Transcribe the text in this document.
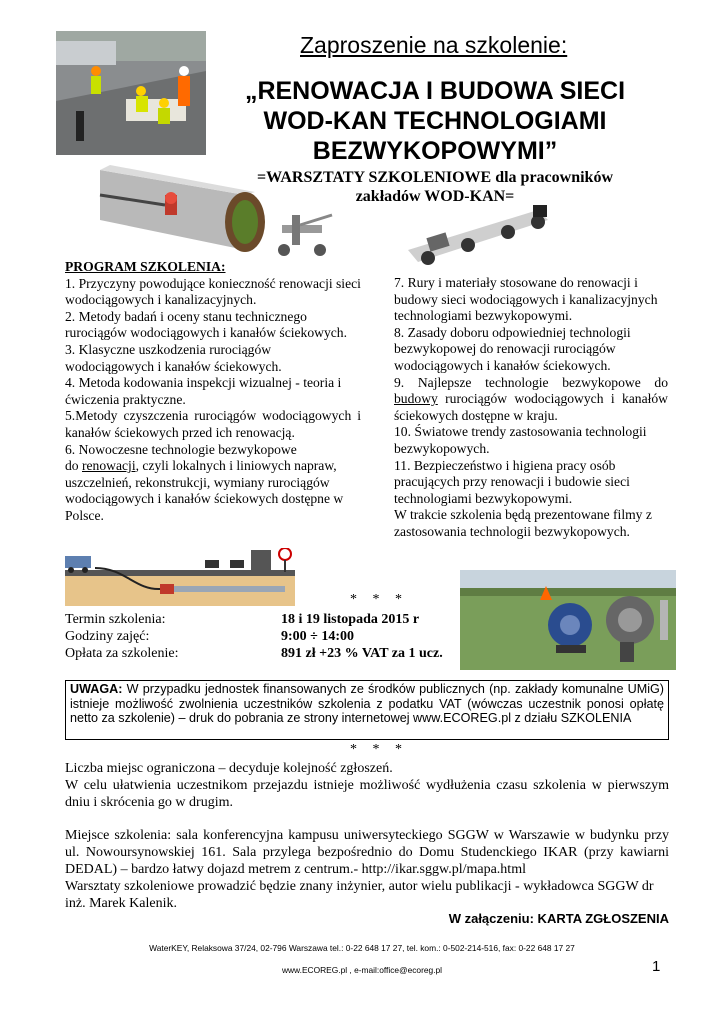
Zaproszenie na szkolenie:
„RENOWACJA I BUDOWA SIECI
WOD-KAN TECHNOLOGIAMI
BEZWYKOPOWYMI”
=WARSZTATY SZKOLENIOWE dla pracowników
zakładów WOD-KAN=

PROGRAM SZKOLENIA:

1. Przyczyny powodujące konieczność renowacji sieci wodociągowych i kanalizacyjnych.

2. Metody badań i oceny stanu technicznego rurociągów wodociągowych i kanałów ściekowych.

3. Klasyczne uszkodzenia rurociągów wodociągowych i kanałów ściekowych.

4. Metoda kodowania inspekcji wizualnej - teoria i ćwiczenia praktyczne.

5.Metody czyszczenia rurociągów wodociągowych i kanałów ściekowych przed ich renowacją.

6. Nowoczesne technologie bezwykopowe

do renowacji, czyli lokalnych i liniowych napraw, uszczelnień, rekonstrukcji, wymiany rurociągów wodociągowych i kanałów ściekowych dostępne w Polsce.

7. Rury i materiały stosowane do renowacji i budowy sieci wodociągowych i kanalizacyjnych technologiami bezwykopowymi.

8. Zasady doboru odpowiedniej technologii bezwykopowej do renowacji rurociągów wodociągowych i kanałów ściekowych.

9. Najlepsze technologie bezwykopowe do budowy rurociągów wodociągowych i kanałów ściekowych dostępne w kraju.

10. Światowe trendy zastosowania technologii bezwykopowych.

11. Bezpieczeństwo i higiena pracy osób pracujących przy renowacji i budowie sieci technologiami bezwykopowymi.

W trakcie szkolenia będą prezentowane filmy z zastosowania technologii bezwykopowych.

* * *
Termin szkolenia:	18 i 19 listopada 2015 r
Godziny zajęć:	9:00 ÷ 14:00
Opłata za szkolenie:	891 zł +23 % VAT za 1 ucz.
UWAGA: W przypadku jednostek finansowanych ze środków publicznych (np. zakłady komunalne UMiG) istnieje możliwość zwolnienia uczestników szkolenia z podatku VAT (wówczas uczestnik ponosi opłatę netto za szkolenie) – druk do pobrania ze strony internetowej www.ECOREG.pl z działu SZKOLENIA
* * *

Liczba miejsc ograniczona – decyduje kolejność zgłoszeń.

W celu ułatwienia uczestnikom przejazdu istnieje możliwość wydłużenia czasu szkolenia w pierwszym dniu i skrócenia go w drugim.

Miejsce szkolenia: sala konferencyjna kampusu uniwersyteckiego SGGW w Warszawie w budynku przy ul. Nowoursynowskiej 161. Sala przylega bezpośrednio do Domu Studenckiego IKAR (przy kawiarni DEDAL) – bardzo łatwy dojazd metrem z centrum.- http://ikar.sggw.pl/mapa.html

Warsztaty szkoleniowe prowadzić będzie znany inżynier, autor wielu publikacji - wykładowca SGGW dr inż. Marek Kalenik.

W załączeniu: KARTA ZGŁOSZENIA
WaterKEY, Relaksowa 37/24, 02-796 Warszawa tel.: 0-22 648 17 27, tel. kom.: 0-502-214-516, fax: 0-22 648 17 27
www.ECOREG.pl , e-mail:office@ecoreg.pl	1
